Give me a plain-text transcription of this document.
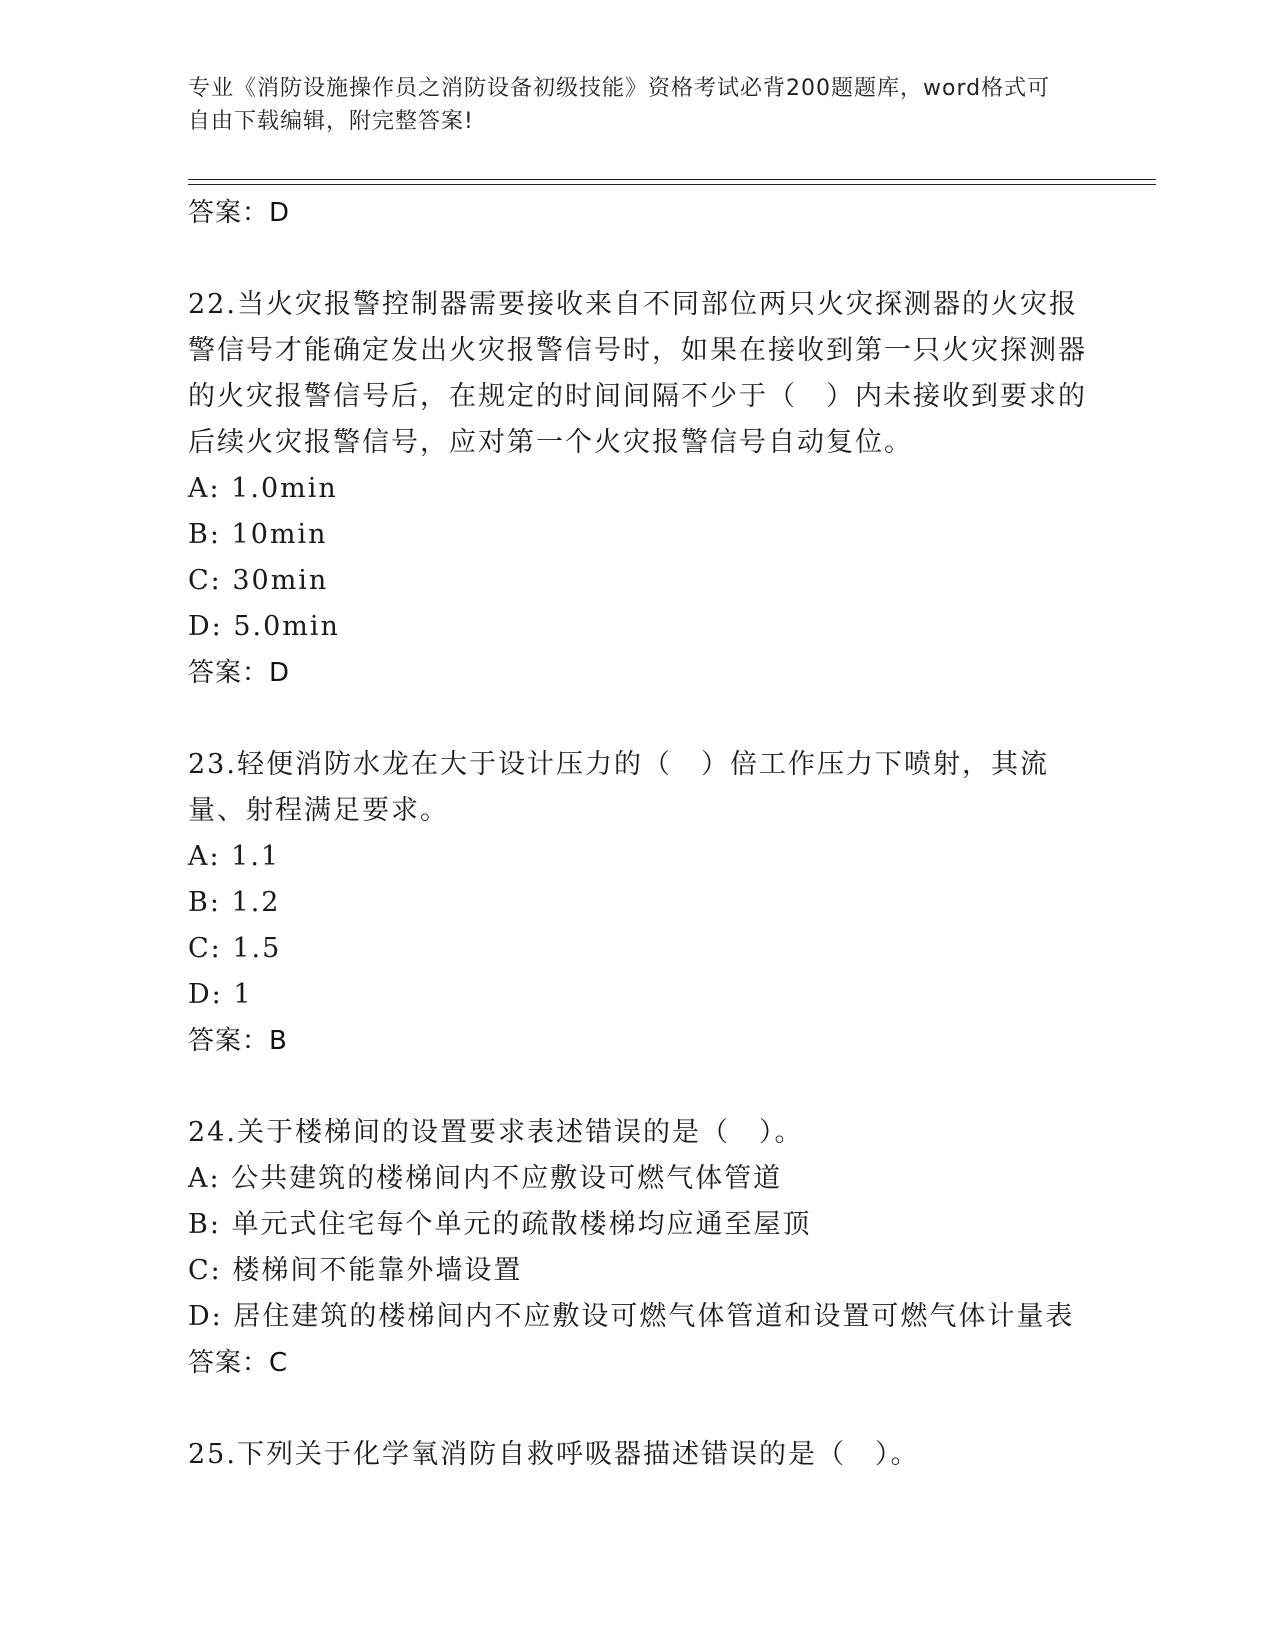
专业《消防设施操作员之消防设备初级技能》资格考试必背200题题库，word格式可自由下载编辑，附完整答案!
答案：D
22.当火灾报警控制器需要接收来自不同部位两只火灾探测器的火灾报警信号才能确定发出火灾报警信号时，如果在接收到第一只火灾探测器的火灾报警信号后，在规定的时间间隔不少于（　）内未接收到要求的后续火灾报警信号，应对第一个火灾报警信号自动复位。
A: 1.0min
B: 10min
C: 30min
D: 5.0min
答案：D
23.轻便消防水龙在大于设计压力的（　）倍工作压力下喷射，其流量、射程满足要求。
A: 1.1
B: 1.2
C: 1.5
D: 1
答案：B
24.关于楼梯间的设置要求表述错误的是（　）。
A: 公共建筑的楼梯间内不应敷设可燃气体管道
B: 单元式住宅每个单元的疏散楼梯均应通至屋顶
C: 楼梯间不能靠外墙设置
D: 居住建筑的楼梯间内不应敷设可燃气体管道和设置可燃气体计量表
答案：C
25.下列关于化学氧消防自救呼吸器描述错误的是（　）。
